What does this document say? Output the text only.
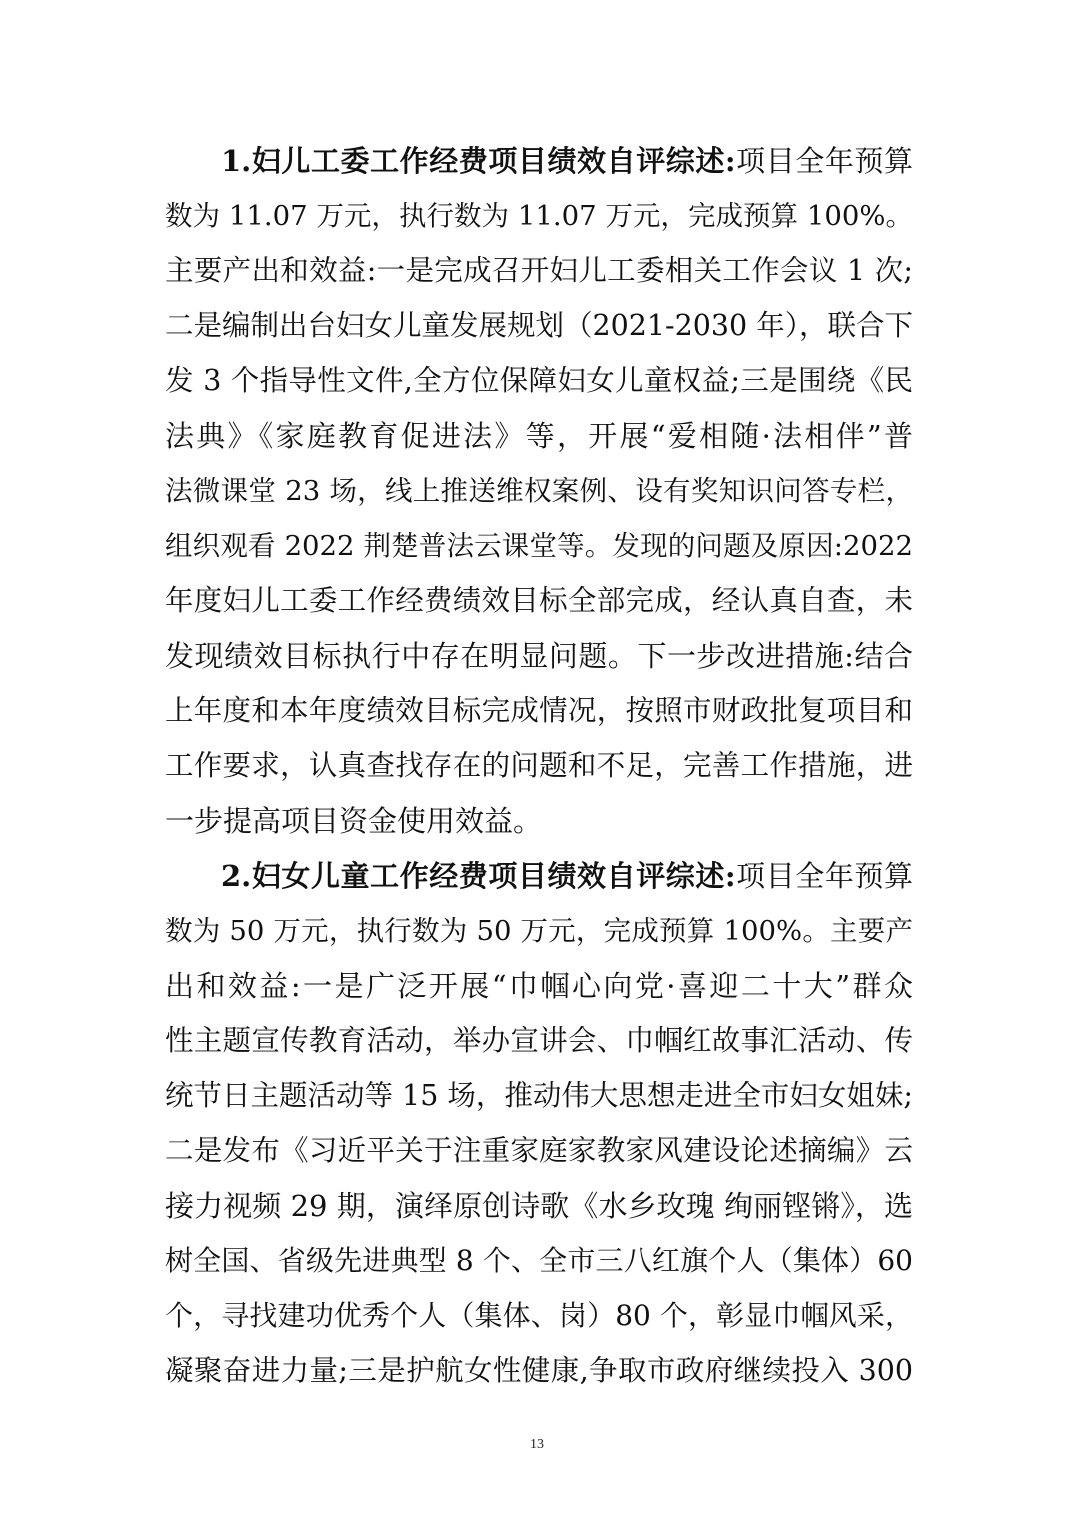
1.妇儿工委工作经费项目绩效自评综述:项目全年预算
数为 11.07 万元，执行数为 11.07 万元，完成预算 100%。
主要产出和效益:一是完成召开妇儿工委相关工作会议 1 次;
二是编制出台妇女儿童发展规划（2021-2030 年），联合下
发 3 个指导性文件,全方位保障妇女儿童权益;三是围绕《民
法典》《家庭教育促进法》等，开展“爱相随·法相伴”普
法微课堂 23 场，线上推送维权案例、设有奖知识问答专栏，
组织观看 2022 荆楚普法云课堂等。发现的问题及原因:2022
年度妇儿工委工作经费绩效目标全部完成，经认真自查，未
发现绩效目标执行中存在明显问题。下一步改进措施:结合
上年度和本年度绩效目标完成情况，按照市财政批复项目和
工作要求，认真查找存在的问题和不足，完善工作措施，进
一步提高项目资金使用效益。
2.妇女儿童工作经费项目绩效自评综述:项目全年预算
数为 50 万元，执行数为 50 万元，完成预算 100%。主要产
出和效益:一是广泛开展“巾帼心向党·喜迎二十大”群众
性主题宣传教育活动，举办宣讲会、巾帼红故事汇活动、传
统节日主题活动等 15 场，推动伟大思想走进全市妇女姐妹;
二是发布《习近平关于注重家庭家教家风建设论述摘编》云
接力视频 29 期，演绎原创诗歌《水乡玫瑰 绚丽铿锵》，选
树全国、省级先进典型 8 个、全市三八红旗个人（集体）60
个，寻找建功优秀个人（集体、岗）80 个，彰显巾帼风采，
凝聚奋进力量;三是护航女性健康,争取市政府继续投入 300
13
